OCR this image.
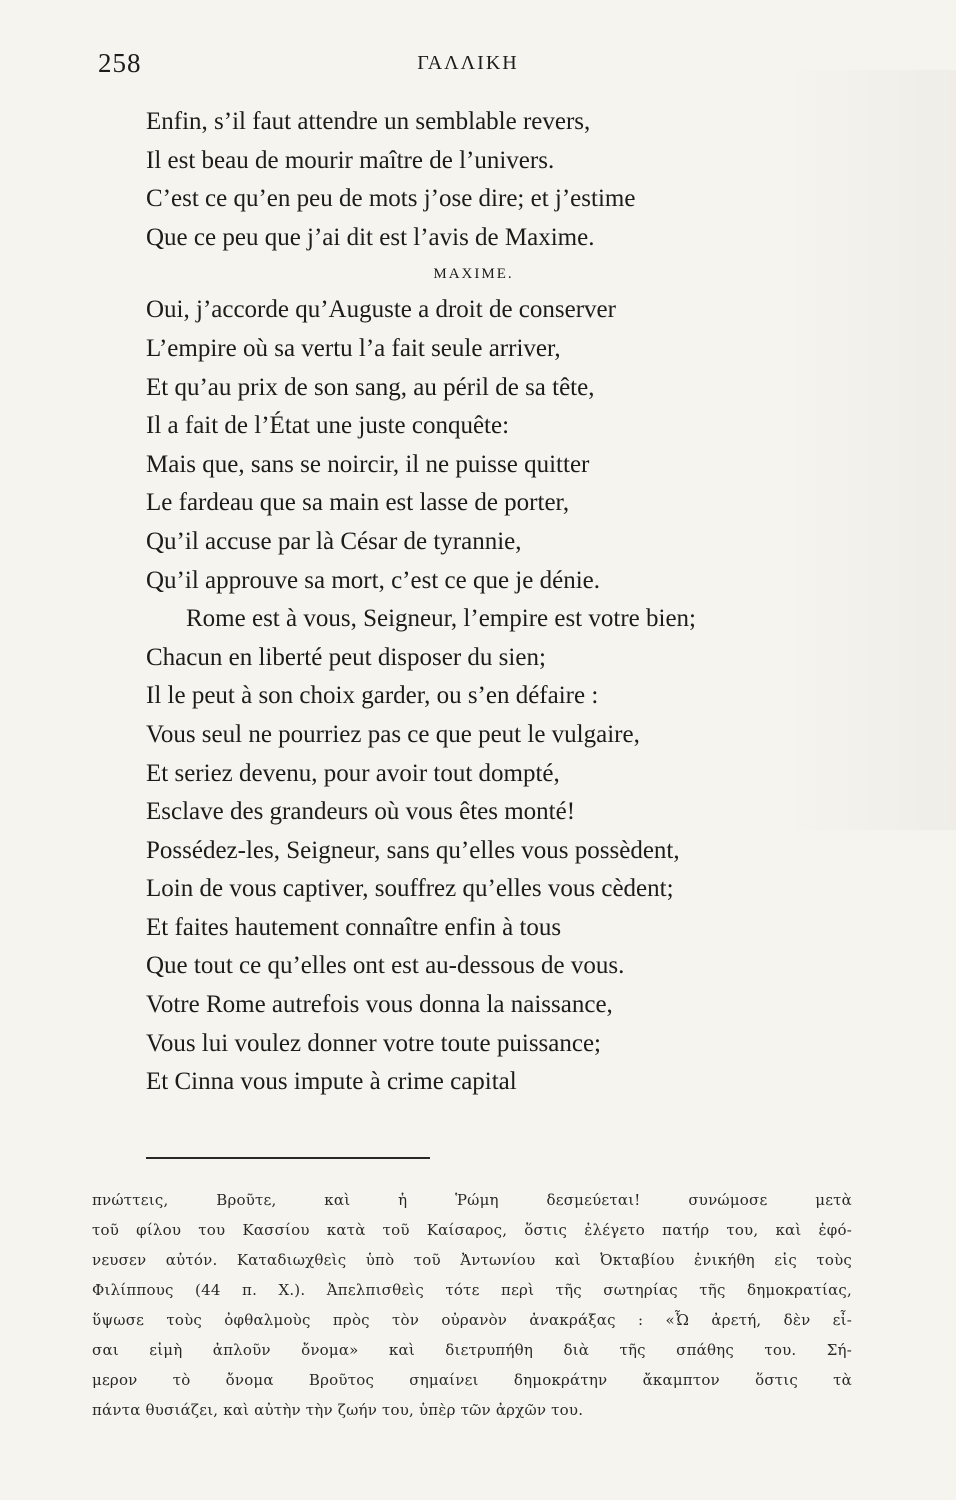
258	ΓΑΛΛΙΚΗ
Enfin, s’il faut attendre un semblable revers,
Il est beau de mourir maître de l’univers.
C’est ce qu’en peu de mots j’ose dire; et j’estime
Que ce peu que j’ai dit est l’avis de Maxime.
MAXIME.
Oui, j’accorde qu’Auguste a droit de conserver
L’empire où sa vertu l’a fait seule arriver,
Et qu’au prix de son sang, au péril de sa tête,
Il a fait de l’État une juste conquête:
Mais que, sans se noircir, il ne puisse quitter
Le fardeau que sa main est lasse de porter,
Qu’il accuse par là César de tyrannie,
Qu’il approuve sa mort, c’est ce que je dénie.
Rome est à vous, Seigneur, l’empire est votre bien;
Chacun en liberté peut disposer du sien;
Il le peut à son choix garder, ou s’en défaire :
Vous seul ne pourriez pas ce que peut le vulgaire,
Et seriez devenu, pour avoir tout dompté,
Esclave des grandeurs où vous êtes monté!
Possédez-les, Seigneur, sans qu’elles vous possèdent,
Loin de vous captiver, souffrez qu’elles vous cèdent;
Et faites hautement connaître enfin à tous
Que tout ce qu’elles ont est au-dessous de vous.
Votre Rome autrefois vous donna la naissance,
Vous lui voulez donner votre toute puissance;
Et Cinna vous impute à crime capital
πνώττεις, Βροῦτε, καὶ ἡ Ῥώμη δεσμεύεται! συνώμοσε μετὰ
τοῦ φίλου του Κασσίου κατὰ τοῦ Καίσαρος, ὅστις ἐλέγετο πατήρ του, καὶ ἐφό-
νευσεν αὐτόν. Καταδιωχθεὶς ὑπὸ τοῦ Ἀντωνίου καὶ Ὀκταβίου ἐνικήθη εἰς τοὺς
Φιλίππους (44 π. Χ.). Ἀπελπισθεὶς τότε περὶ τῆς σωτηρίας τῆς δημοκρατίας,
ὕψωσε τοὺς ὀφθαλμοὺς πρὸς τὸν οὐρανὸν ἀνακράξας : «Ὦ ἀρετή, δὲν εἶ-
σαι εἰμὴ ἀπλοῦν ὄνομα» καὶ διετρυπήθη διὰ τῆς σπάθης του. Σή-
μερον τὸ ὄνομα Βροῦτος σημαίνει δημοκράτην ἄκαμπτον ὅστις τὰ
πάντα θυσιάζει, καὶ αὐτὴν τὴν ζωήν του, ὑπὲρ τῶν ἀρχῶν του.
